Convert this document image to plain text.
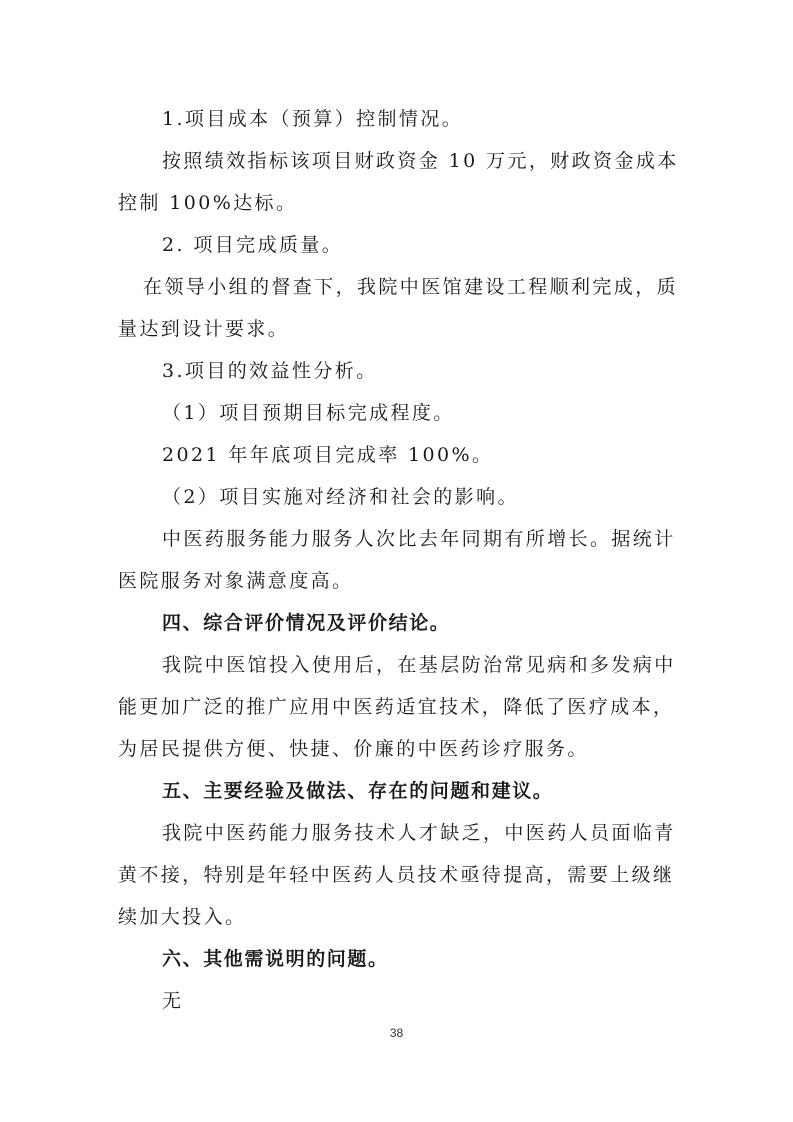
1.项目成本（预算）控制情况。
按照绩效指标该项目财政资金 10 万元，财政资金成本
控制 100%达标。
2. 项目完成质量。
在领导小组的督查下，我院中医馆建设工程顺利完成，质
量达到设计要求。
3.项目的效益性分析。
（1）项目预期目标完成程度。
2021 年年底项目完成率 100%。
（2）项目实施对经济和社会的影响。
中医药服务能力服务人次比去年同期有所增长。据统计
医院服务对象满意度高。
四、综合评价情况及评价结论。
我院中医馆投入使用后，在基层防治常见病和多发病中
能更加广泛的推广应用中医药适宜技术，降低了医疗成本，
为居民提供方便、快捷、价廉的中医药诊疗服务。
五、主要经验及做法、存在的问题和建议。
我院中医药能力服务技术人才缺乏，中医药人员面临青
黄不接，特别是年轻中医药人员技术亟待提高，需要上级继
续加大投入。
六、其他需说明的问题。
无
38
